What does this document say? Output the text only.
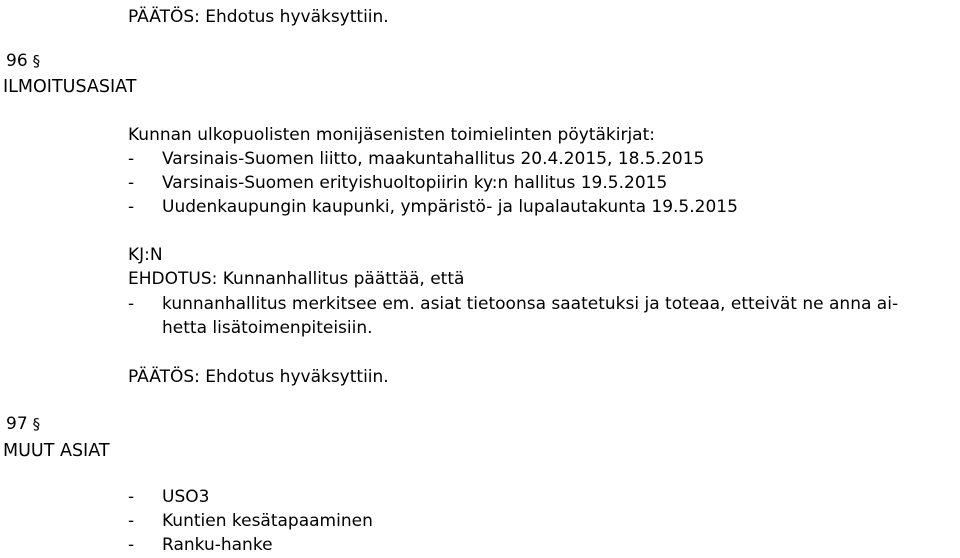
PÄÄTÖS: Ehdotus hyväksyttiin.
96 §
ILMOITUSASIAT
Kunnan ulkopuolisten monijäsenisten toimielinten pöytäkirjat:
- Varsinais-Suomen liitto, maakuntahallitus 20.4.2015, 18.5.2015
- Varsinais-Suomen erityishuoltopiirin ky:n hallitus 19.5.2015
- Uudenkaupungin kaupunki, ympäristö- ja lupalautakunta 19.5.2015
KJ:N
EHDOTUS: Kunnanhallitus päättää, että
- kunnanhallitus merkitsee em. asiat tietoonsa saatetuksi ja toteaa, etteivät ne anna ai-
hetta lisätoimenpiteisiin.
PÄÄTÖS: Ehdotus hyväksyttiin.
97 §
MUUT ASIAT
- USO3
- Kuntien kesätapaaminen
- Ranku-hanke
